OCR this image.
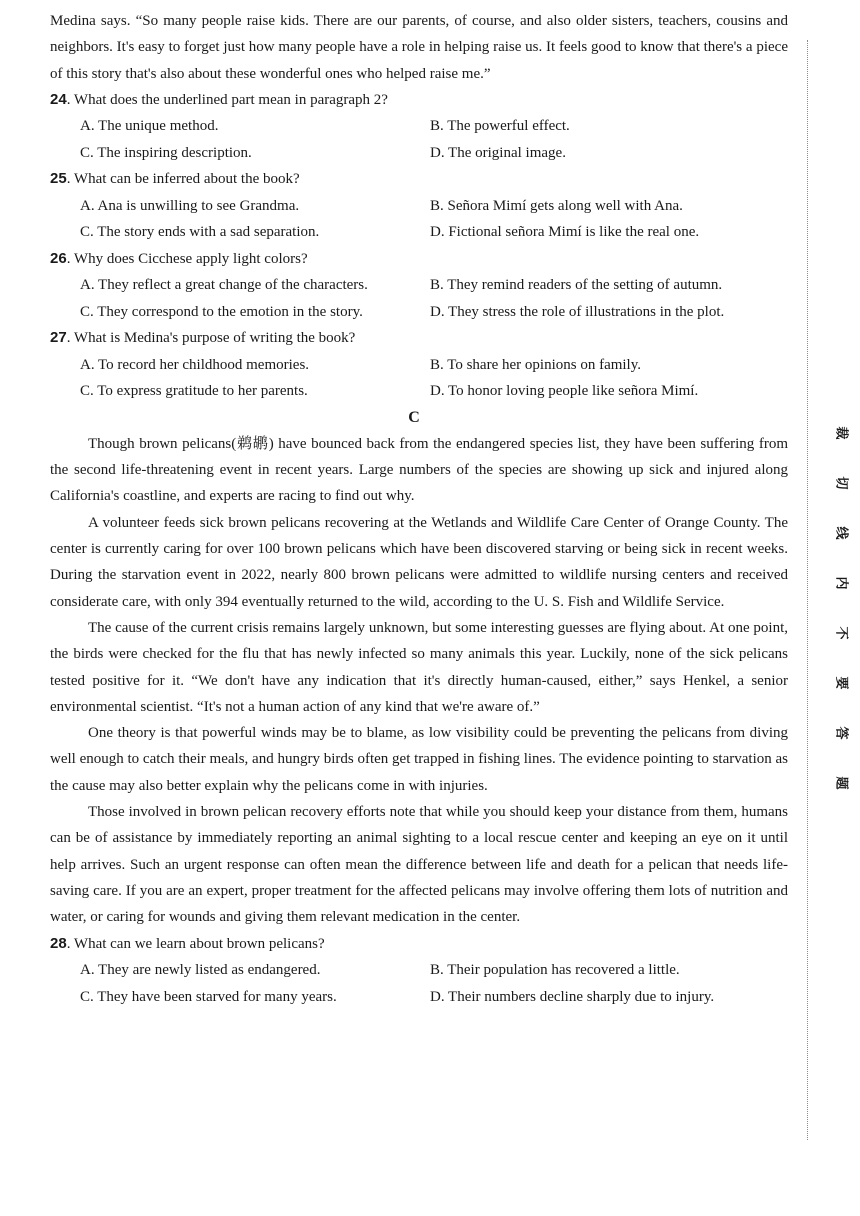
Medina says. “So many people raise kids. There are our parents, of course, and also older sisters, teachers, cousins and neighbors. It's easy to forget just how many people have a role in helping raise us. It feels good to know that there's a piece of this story that's also about these wonderful ones who helped raise me.”

24. What does the underlined part mean in paragraph 2?
A. The unique method.	B. The powerful effect.
C. The inspiring description.	D. The original image.
25. What can be inferred about the book?
A. Ana is unwilling to see Grandma.	B. Señora Mimí gets along well with Ana.
C. The story ends with a sad separation.	D. Fictional señora Mimí is like the real one.
26. Why does Cicchese apply light colors?
A. They reflect a great change of the characters.	B. They remind readers of the setting of autumn.
C. They correspond to the emotion in the story.	D. They stress the role of illustrations in the plot.
27. What is Medina's purpose of writing the book?
A. To record her childhood memories.	B. To share her opinions on family.
C. To express gratitude to her parents.	D. To honor loving people like señora Mimí.
C

Though brown pelicans(鹈鹕) have bounced back from the endangered species list, they have been suffering from the second life-threatening event in recent years. Large numbers of the species are showing up sick and injured along California's coastline, and experts are racing to find out why.

A volunteer feeds sick brown pelicans recovering at the Wetlands and Wildlife Care Center of Orange County. The center is currently caring for over 100 brown pelicans which have been discovered starving or being sick in recent weeks. During the starvation event in 2022, nearly 800 brown pelicans were admitted to wildlife nursing centers and received considerate care, with only 394 eventually returned to the wild, according to the U. S. Fish and Wildlife Service.

The cause of the current crisis remains largely unknown, but some interesting guesses are flying about. At one point, the birds were checked for the flu that has newly infected so many animals this year. Luckily, none of the sick pelicans tested positive for it. “We don't have any indication that it's directly human-caused, either,” says Henkel, a senior environmental scientist. “It's not a human action of any kind that we're aware of.”

One theory is that powerful winds may be to blame, as low visibility could be preventing the pelicans from diving well enough to catch their meals, and hungry birds often get trapped in fishing lines. The evidence pointing to starvation as the cause may also better explain why the pelicans come in with injuries.

Those involved in brown pelican recovery efforts note that while you should keep your distance from them, humans can be of assistance by immediately reporting an animal sighting to a local rescue center and keeping an eye on it until help arrives. Such an urgent response can often mean the difference between life and death for a pelican that needs life-saving care. If you are an expert, proper treatment for the affected pelicans may involve offering them lots of nutrition and water, or caring for wounds and giving them relevant medication in the center.

28. What can we learn about brown pelicans?
A. They are newly listed as endangered.	B. Their population has recovered a little.
C. They have been starved for many years.	D. Their numbers decline sharply due to injury.
裁
切
线
内
不
要
答
题
